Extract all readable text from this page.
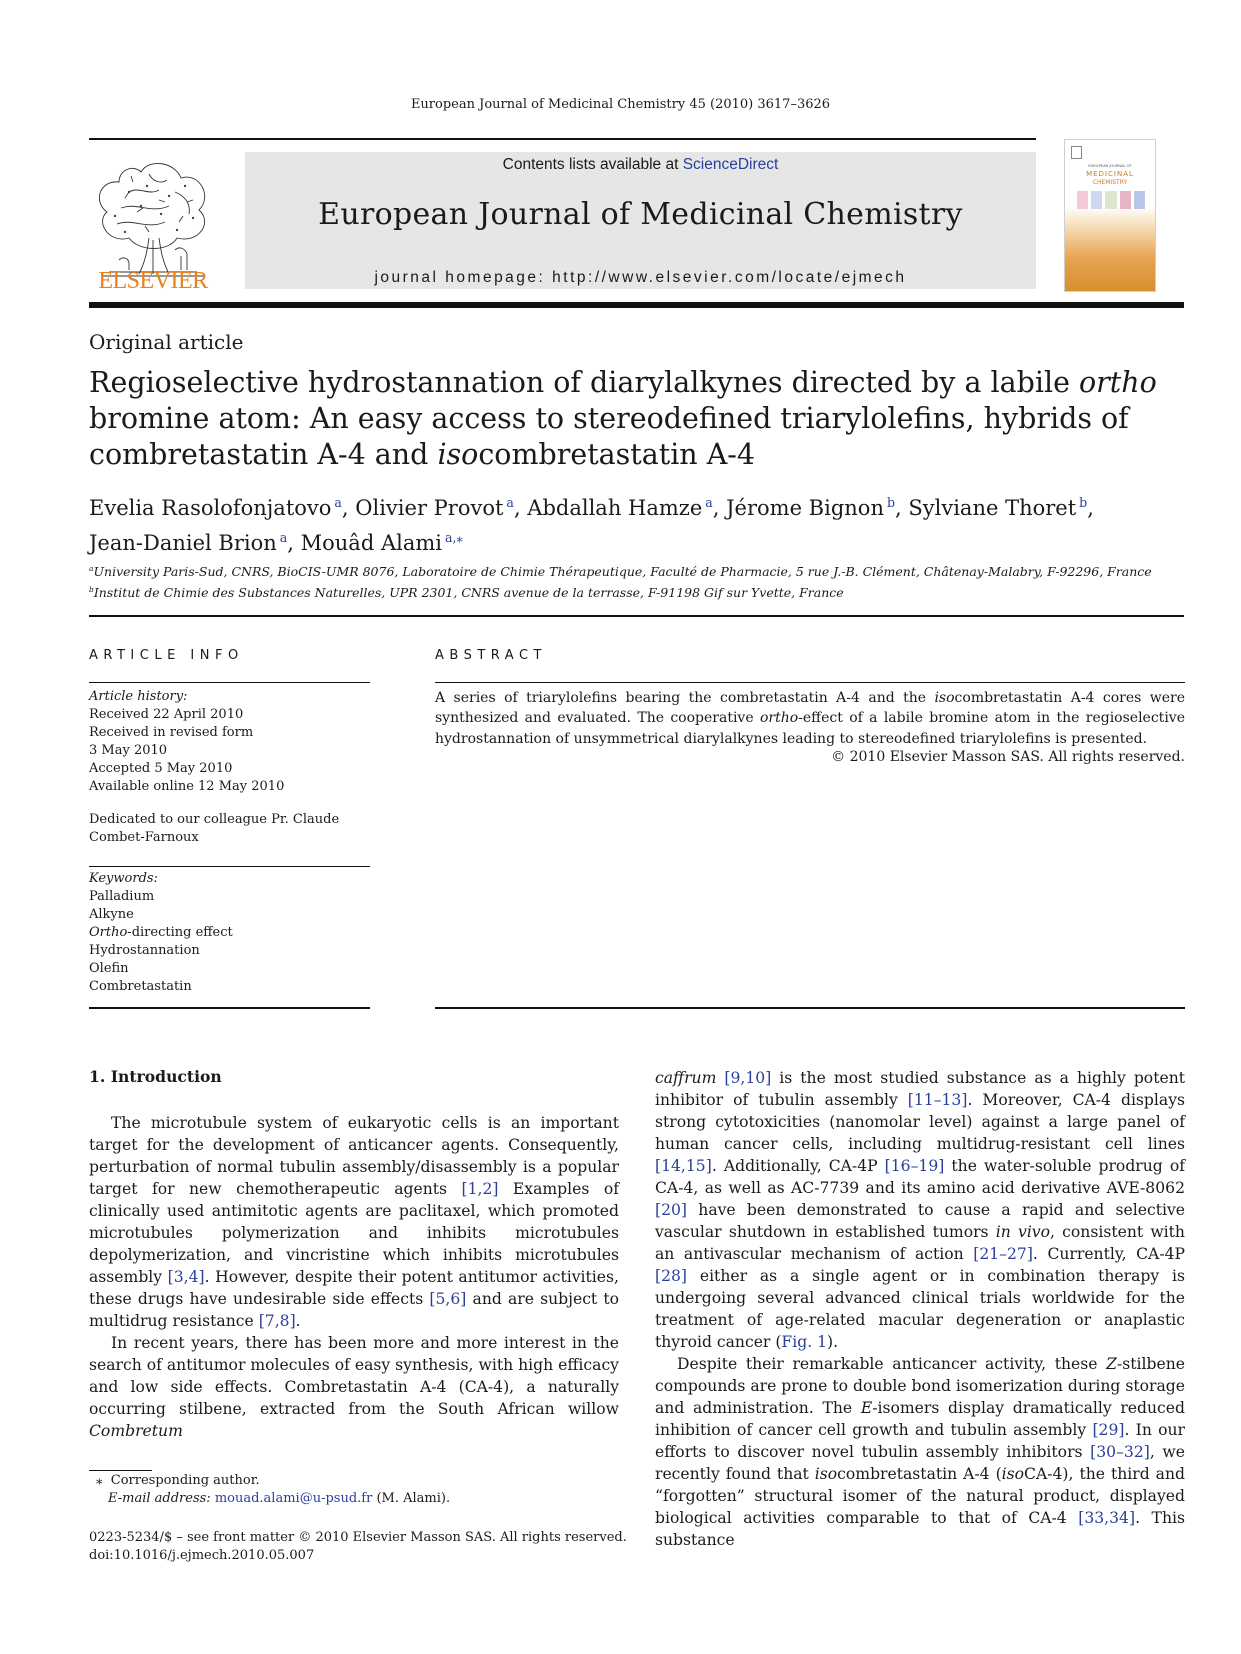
European Journal of Medicinal Chemistry 45 (2010) 3617–3626
ELSEVIER
Contents lists available at ScienceDirect
European Journal of Medicinal Chemistry
journal homepage: http://www.elsevier.com/locate/ejmech
EUROPEAN JOURNAL OF
MEDICINAL
CHEMISTRY
Original article
Regioselective hydrostannation of diarylalkynes directed by a labile ortho bromine atom: An easy access to stereodefined triarylolefins, hybrids of combretastatin A-4 and isocombretastatin A-4
Evelia Rasolofonjatovo $^a$, Olivier Provot $^a$, Abdallah Hamze $^a$, Jérome Bignon $^b$, Sylviane Thoret $^b$,
Jean-Daniel Brion $^a$, Mouâd Alami $^{a,⁎}$
$^a$University Paris-Sud, CNRS, BioCIS-UMR 8076, Laboratoire de Chimie Thérapeutique, Faculté de Pharmacie, 5 rue J.-B. Clément, Châtenay-Malabry, F-92296, France
$^b$Institut de Chimie des Substances Naturelles, UPR 2301, CNRS avenue de la terrasse, F-91198 Gif sur Yvette, France
ARTICLE INFO
Article history:
Received 22 April 2010
Received in revised form
3 May 2010
Accepted 5 May 2010
Available online 12 May 2010
Dedicated to our colleague Pr. Claude
Combet-Farnoux
Keywords:
Palladium
Alkyne
Ortho-directing effect
Hydrostannation
Olefin
Combretastatin
ABSTRACT
A series of triarylolefins bearing the combretastatin A-4 and the isocombretastatin A-4 cores were synthesized and evaluated. The cooperative ortho-effect of a labile bromine atom in the regioselective hydrostannation of unsymmetrical diarylalkynes leading to stereodefined triarylolefins is presented.
© 2010 Elsevier Masson SAS. All rights reserved.
1. Introduction

The microtubule system of eukaryotic cells is an important target for the development of anticancer agents. Consequently, perturbation of normal tubulin assembly/disassembly is a popular target for new chemotherapeutic agents [1,2] Examples of clinically used antimitotic agents are paclitaxel, which promoted microtubules polymerization and inhibits microtubules depolymerization, and vincristine which inhibits microtubules assembly [3,4]. However, despite their potent antitumor activities, these drugs have undesirable side effects [5,6] and are subject to multidrug resistance [7,8].

In recent years, there has been more and more interest in the search of antitumor molecules of easy synthesis, with high efficacy and low side effects. Combretastatin A-4 (CA-4), a naturally occurring stilbene, extracted from the South African willow Combretum

caffrum [9,10] is the most studied substance as a highly potent inhibitor of tubulin assembly [11–13]. Moreover, CA-4 displays strong cytotoxicities (nanomolar level) against a large panel of human cancer cells, including multidrug-resistant cell lines [14,15]. Additionally, CA-4P [16–19] the water-soluble prodrug of CA-4, as well as AC-7739 and its amino acid derivative AVE-8062 [20] have been demonstrated to cause a rapid and selective vascular shutdown in established tumors in vivo, consistent with an antivascular mechanism of action [21–27]. Currently, CA-4P [28] either as a single agent or in combination therapy is undergoing several advanced clinical trials worldwide for the treatment of age-related macular degeneration or anaplastic thyroid cancer (Fig. 1).

Despite their remarkable anticancer activity, these Z-stilbene compounds are prone to double bond isomerization during storage and administration. The E-isomers display dramatically reduced inhibition of cancer cell growth and tubulin assembly [29]. In our efforts to discover novel tubulin assembly inhibitors [30–32], we recently found that isocombretastatin A-4 (isoCA-4), the third and “forgotten” structural isomer of the natural product, displayed biological activities comparable to that of CA-4 [33,34]. This substance

⁎ Corresponding author.
E-mail address: mouad.alami@u-psud.fr (M. Alami).
0223-5234/$ – see front matter © 2010 Elsevier Masson SAS. All rights reserved.
doi:10.1016/j.ejmech.2010.05.007
